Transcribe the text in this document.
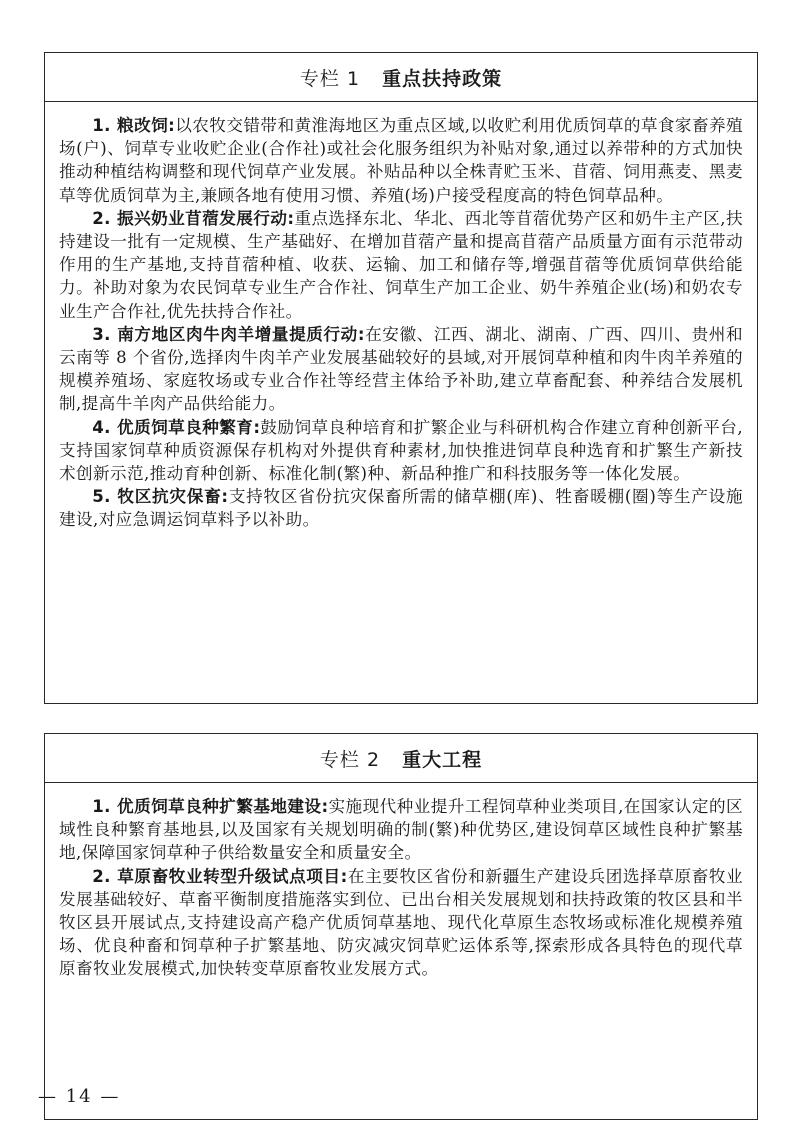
专栏 1 重点扶持政策

1. 粮改饲:以农牧交错带和黄淮海地区为重点区域,以收贮利用优质饲草的草食家畜养殖场(户)、饲草专业收贮企业(合作社)或社会化服务组织为补贴对象,通过以养带种的方式加快推动种植结构调整和现代饲草产业发展。补贴品种以全株青贮玉米、苜蓿、饲用燕麦、黑麦草等优质饲草为主,兼顾各地有使用习惯、养殖(场)户接受程度高的特色饲草品种。

2. 振兴奶业苜蓿发展行动:重点选择东北、华北、西北等苜蓿优势产区和奶牛主产区,扶持建设一批有一定规模、生产基础好、在增加苜蓿产量和提高苜蓿产品质量方面有示范带动作用的生产基地,支持苜蓿种植、收获、运输、加工和储存等,增强苜蓿等优质饲草供给能力。补助对象为农民饲草专业生产合作社、饲草生产加工企业、奶牛养殖企业(场)和奶农专业生产合作社,优先扶持合作社。

3. 南方地区肉牛肉羊增量提质行动:在安徽、江西、湖北、湖南、广西、四川、贵州和云南等 8 个省份,选择肉牛肉羊产业发展基础较好的县域,对开展饲草种植和肉牛肉羊养殖的规模养殖场、家庭牧场或专业合作社等经营主体给予补助,建立草畜配套、种养结合发展机制,提高牛羊肉产品供给能力。

4. 优质饲草良种繁育:鼓励饲草良种培育和扩繁企业与科研机构合作建立育种创新平台,支持国家饲草种质资源保存机构对外提供育种素材,加快推进饲草良种选育和扩繁生产新技术创新示范,推动育种创新、标准化制(繁)种、新品种推广和科技服务等一体化发展。

5. 牧区抗灾保畜:支持牧区省份抗灾保畜所需的储草棚(库)、牲畜暖棚(圈)等生产设施建设,对应急调运饲草料予以补助。

专栏 2 重大工程

1. 优质饲草良种扩繁基地建设:实施现代种业提升工程饲草种业类项目,在国家认定的区域性良种繁育基地县,以及国家有关规划明确的制(繁)种优势区,建设饲草区域性良种扩繁基地,保障国家饲草种子供给数量安全和质量安全。

2. 草原畜牧业转型升级试点项目:在主要牧区省份和新疆生产建设兵团选择草原畜牧业发展基础较好、草畜平衡制度措施落实到位、已出台相关发展规划和扶持政策的牧区县和半牧区县开展试点,支持建设高产稳产优质饲草基地、现代化草原生态牧场或标准化规模养殖场、优良种畜和饲草种子扩繁基地、防灾减灾饲草贮运体系等,探索形成各具特色的现代草原畜牧业发展模式,加快转变草原畜牧业发展方式。

— 14 —
